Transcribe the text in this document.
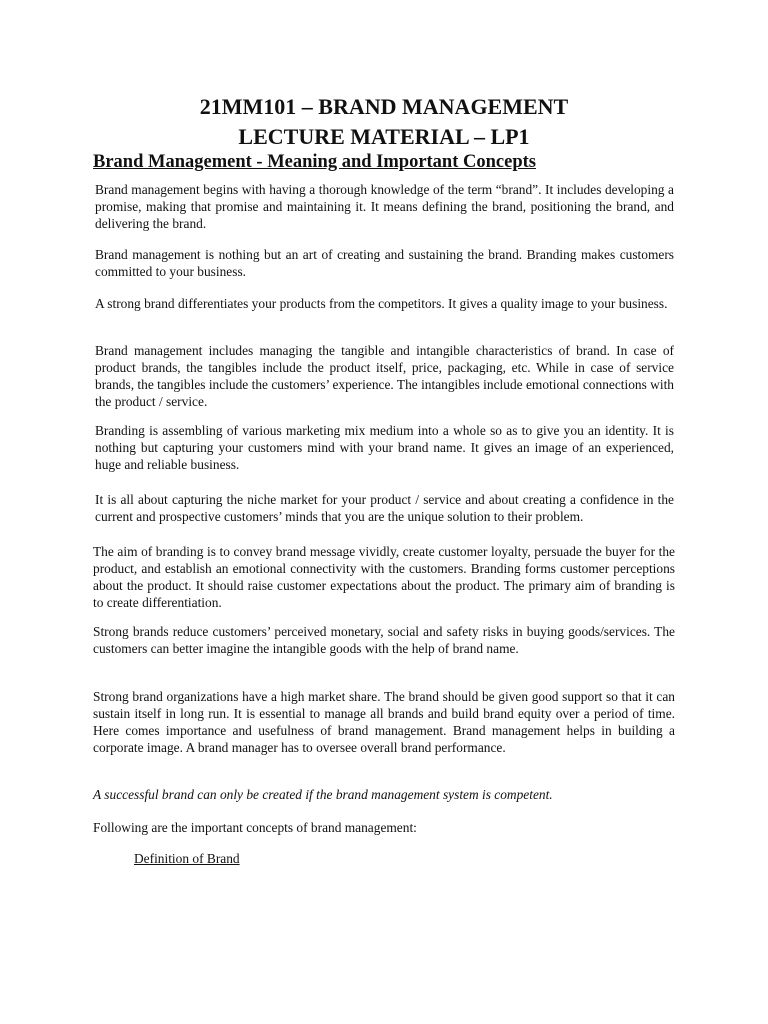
21MM101 – BRAND MANAGEMENT
LECTURE MATERIAL – LP1
Brand Management - Meaning and Important Concepts

Brand management begins with having a thorough knowledge of the term “brand”. It includes developing a promise, making that promise and maintaining it. It means defining the brand, positioning the brand, and delivering the brand.

Brand management is nothing but an art of creating and sustaining the brand. Branding makes customers committed to your business.

A strong brand differentiates your products from the competitors. It gives a quality image to your business.

Brand management includes managing the tangible and intangible characteristics of brand. In case of product brands, the tangibles include the product itself, price, packaging, etc. While in case of service brands, the tangibles include the customers’ experience. The intangibles include emotional connections with the product / service.

Branding is assembling of various marketing mix medium into a whole so as to give you an identity. It is nothing but capturing your customers mind with your brand name. It gives an image of an experienced, huge and reliable business.

It is all about capturing the niche market for your product / service and about creating a confidence in the current and prospective customers’ minds that you are the unique solution to their problem.

The aim of branding is to convey brand message vividly, create customer loyalty, persuade the buyer for the product, and establish an emotional connectivity with the customers. Branding forms customer perceptions about the product. It should raise customer expectations about the product. The primary aim of branding is to create differentiation.

Strong brands reduce customers’ perceived monetary, social and safety risks in buying goods/services. The customers can better imagine the intangible goods with the help of brand name.

Strong brand organizations have a high market share. The brand should be given good support so that it can sustain itself in long run. It is essential to manage all brands and build brand equity over a period of time. Here comes importance and usefulness of brand management. Brand management helps in building a corporate image. A brand manager has to oversee overall brand performance.

A successful brand can only be created if the brand management system is competent.

Following are the important concepts of brand management:

Definition of Brand
